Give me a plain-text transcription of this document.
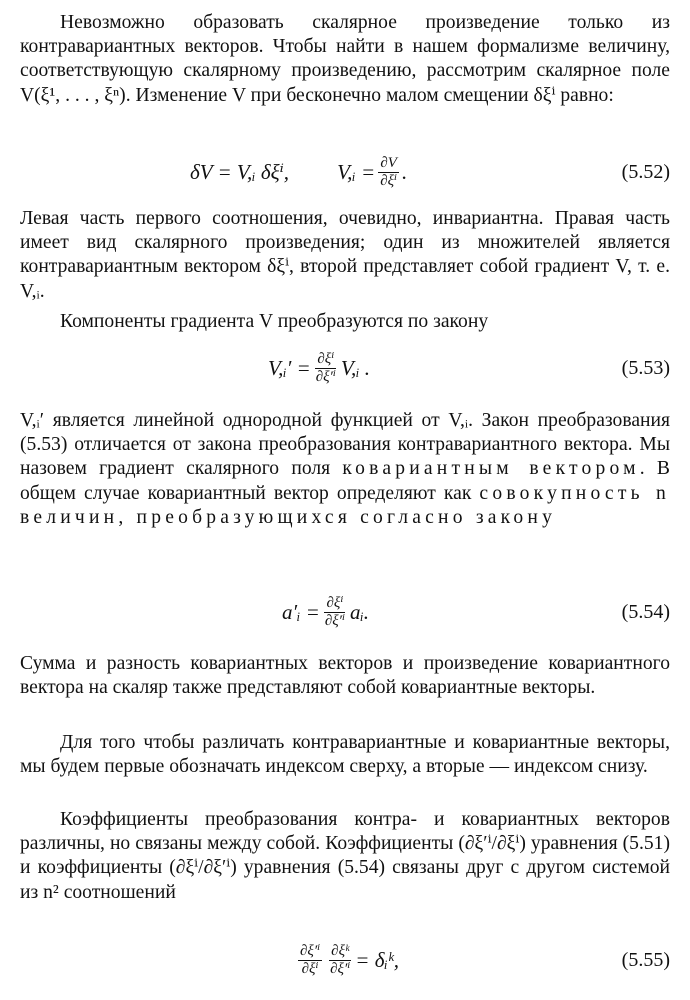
Невозможно образовать скалярное произведение только из контравариантных векторов. Чтобы найти в нашем формализме величину, соответствующую скалярному произведению, рассмотрим скалярное поле V(ξ¹, . . . , ξⁿ). Изменение V при бесконечно малом смещении δξⁱ равно:

δV = V,ᵢ δξⁱ, V,ᵢ = $\frac{\partial V}{\text{∂ξⁱ}}$ .	(5.52)

Левая часть первого соотношения, очевидно, инвариантна. Правая часть имеет вид скалярного произведения; один из множителей является контравариантным вектором δξⁱ, второй представляет собой градиент V, т. е. V,ᵢ.

Компоненты градиента V преобразуются по закону

V,ᵢ′ = $\frac{\text{∂ξⁱ}}{\text{∂ξ′ⁱ}}$ V,ᵢ .	(5.53)

V,ᵢ′ является линейной однородной функцией от V,ᵢ. Закон преобразования (5.53) отличается от закона преобразования контравариантного вектора. Мы назовем градиент скалярного поля ковариантным вектором. В общем случае ковариантный вектор определяют как совокупность n величин, преобразующихся согласно закону

a′ᵢ = $\frac{\text{∂ξⁱ}}{\text{∂ξ′ⁱ}}$ aᵢ.	(5.54)

Сумма и разность ковариантных векторов и произведение ковариантного вектора на скаляр также представляют собой ковариантные векторы.

Для того чтобы различать контравариантные и ковариантные векторы, мы будем первые обозначать индексом сверху, а вторые — индексом снизу.

Коэффициенты преобразования контра- и ковариантных векторов различны, но связаны между собой. Коэффициенты (∂ξ′ⁱ/∂ξⁱ) уравнения (5.51) и коэффициенты (∂ξⁱ/∂ξ′ⁱ) уравнения (5.54) связаны друг с другом системой из n² соотношений

$\frac{\text{∂ξ′ⁱ}}{\text{∂ξⁱ}} \frac{\text{∂ξᵏ}}{\text{∂ξ′ⁱ}}$ = δᵢᵏ,	(5.55)
